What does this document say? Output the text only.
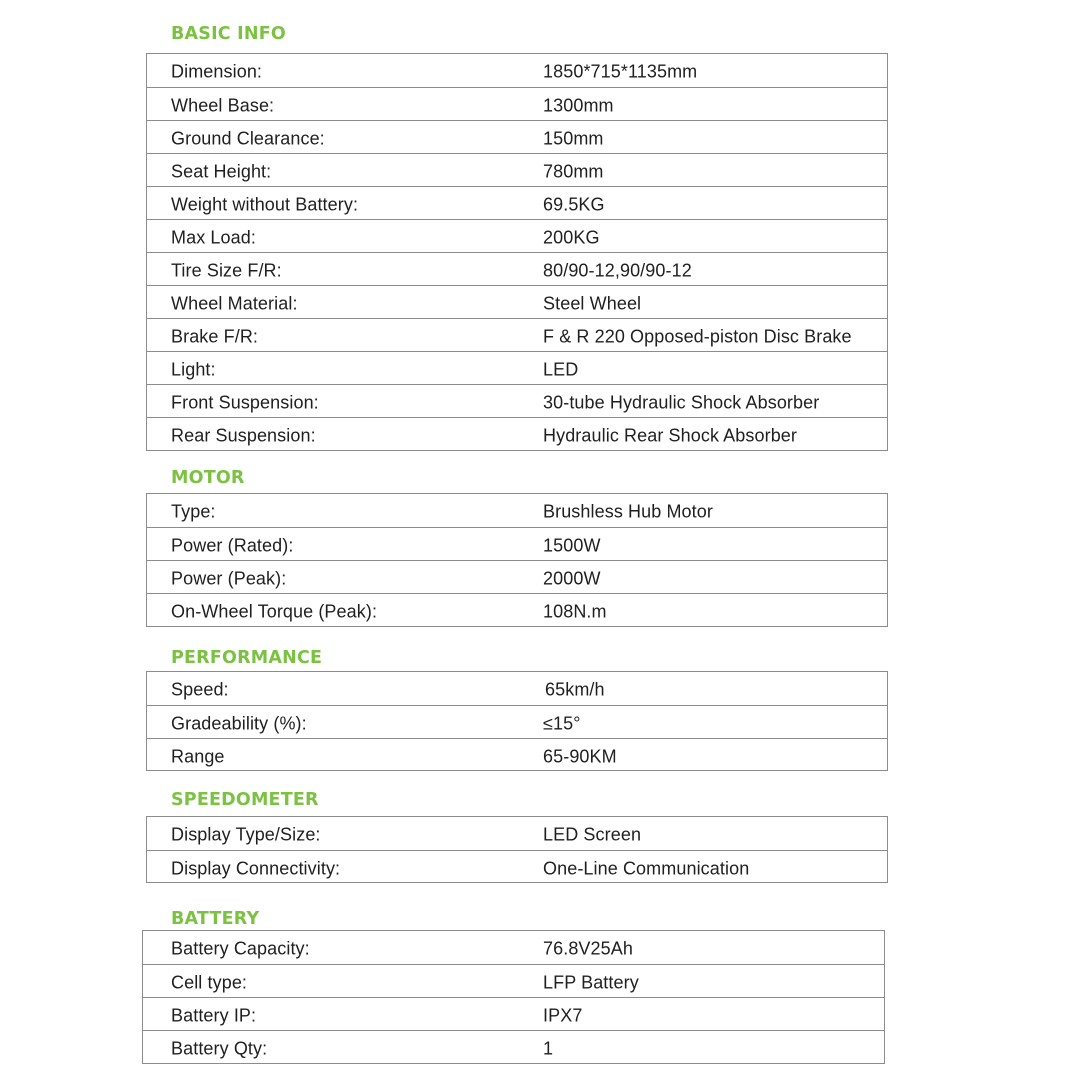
BASIC INFO
MOTOR
PERFORMANCE
SPEEDOMETER
BATTERY
Dimension:	1850*715*1135mm
Wheel Base:	1300mm
Ground Clearance:	150mm
Seat Height:	780mm
Weight without Battery:	69.5KG
Max Load:	200KG
Tire Size F/R:	80/90-12,90/90-12
Wheel Material:	Steel Wheel
Brake F/R:	F & R 220 Opposed-piston Disc Brake
Light:	LED
Front Suspension:	30-tube Hydraulic Shock Absorber
Rear Suspension:	Hydraulic Rear Shock Absorber
Type:	Brushless Hub Motor
Power (Rated):	1500W
Power (Peak):	2000W
On-Wheel Torque (Peak):	108N.m
Speed:	65km/h
Gradeability (%):	≤15°
Range	65-90KM
Display Type/Size:	LED Screen
Display Connectivity:	One-Line Communication
Battery Capacity:	76.8V25Ah
Cell type:	LFP Battery
Battery IP:	IPX7
Battery Qty:	1
